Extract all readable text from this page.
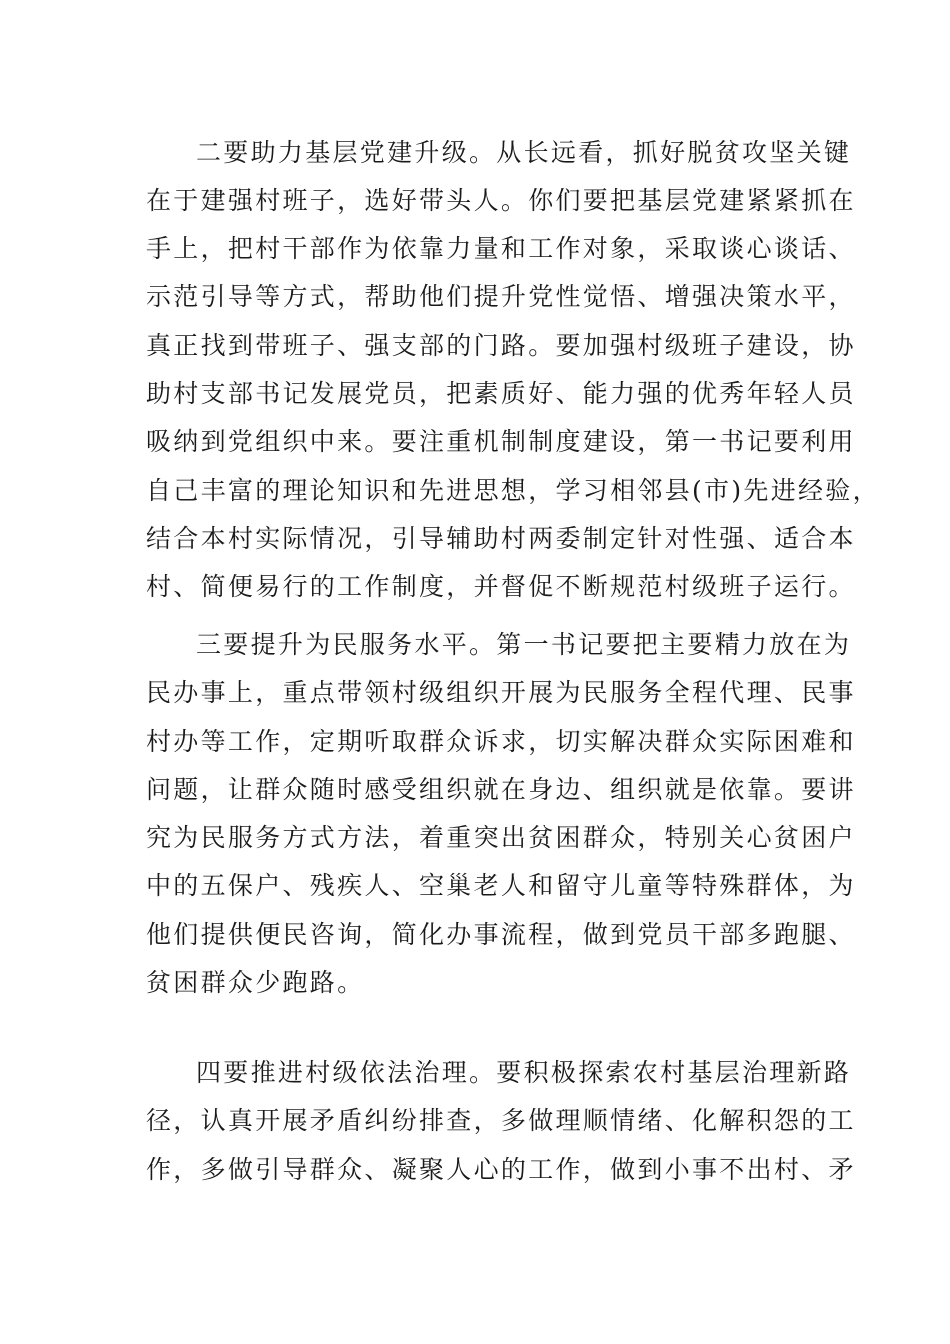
二要助力基层党建升级。从长远看，抓好脱贫攻坚关键
在于建强村班子，选好带头人。你们要把基层党建紧紧抓在
手上，把村干部作为依靠力量和工作对象，采取谈心谈话、
示范引导等方式，帮助他们提升党性觉悟、增强决策水平，
真正找到带班子、强支部的门路。要加强村级班子建设，协
助村支部书记发展党员，把素质好、能力强的优秀年轻人员
吸纳到党组织中来。要注重机制制度建设，第一书记要利用
自己丰富的理论知识和先进思想，学习相邻县(市)先进经验，
结合本村实际情况，引导辅助村两委制定针对性强、适合本
村、简便易行的工作制度，并督促不断规范村级班子运行。
三要提升为民服务水平。第一书记要把主要精力放在为
民办事上，重点带领村级组织开展为民服务全程代理、民事
村办等工作，定期听取群众诉求，切实解决群众实际困难和
问题，让群众随时感受组织就在身边、组织就是依靠。要讲
究为民服务方式方法，着重突出贫困群众，特别关心贫困户
中的五保户、残疾人、空巢老人和留守儿童等特殊群体，为
他们提供便民咨询，简化办事流程，做到党员干部多跑腿、
贫困群众少跑路。
四要推进村级依法治理。要积极探索农村基层治理新路
径，认真开展矛盾纠纷排查，多做理顺情绪、化解积怨的工
作，多做引导群众、凝聚人心的工作，做到小事不出村、矛
